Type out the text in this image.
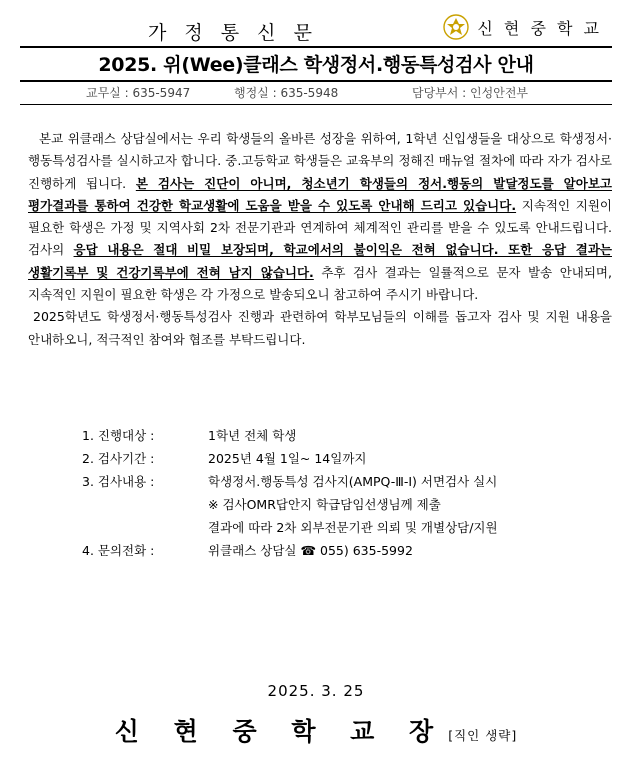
가 정 통 신 문	신 현 중 학 교
2025. 위(Wee)클래스 학생정서.행동특성검사 안내
교무실 : 635-5947	행정실 : 635-5948	담당부서 : 인성안전부

본교 위클래스 상담실에서는 우리 학생들의 올바른 성장을 위하여, 1학년 신입생들을 대상으로 학생정서·행동특성검사를 실시하고자 합니다. 중.고등학교 학생들은 교육부의 정해진 매뉴얼 절차에 따라 자가 검사로 진행하게 됩니다. 본 검사는 진단이 아니며, 청소년기 학생들의 정서.행동의 발달정도를 알아보고 평가결과를 통하여 건강한 학교생활에 도움을 받을 수 있도록 안내해 드리고 있습니다. 지속적인 지원이 필요한 학생은 가정 및 지역사회 2차 전문기관과 연계하여 체계적인 관리를 받을 수 있도록 안내드립니다. 검사의 응답 내용은 절대 비밀 보장되며, 학교에서의 불이익은 전혀 없습니다. 또한 응답 결과는 생활기록부 및 건강기록부에 전혀 남지 않습니다. 추후 검사 결과는 일률적으로 문자 발송 안내되며, 지속적인 지원이 필요한 학생은 각 가정으로 발송되오니 참고하여 주시기 바랍니다.

2025학년도 학생정서·행동특성검사 진행과 관련하여 학부모님들의 이해를 돕고자 검사 및 지원 내용을 안내하오니, 적극적인 참여와 협조를 부탁드립니다.

1. 진행대상 :	1학년 전체 학생
2. 검사기간 :	2025년 4월 1일~ 14일까지
3. 검사내용 :	학생정서.행동특성 검사지(AMPQ-Ⅲ-Ⅰ) 서면검사 실시
※ 검사OMR답안지 학급담임선생님께 제출
결과에 따라 2차 외부전문기관 의뢰 및 개별상담/지원
4. 문의전화 :	위클래스 상담실 ☎ 055) 635-5992
2025. 3. 25
신 현 중 학 교 장 [직인 생략]
